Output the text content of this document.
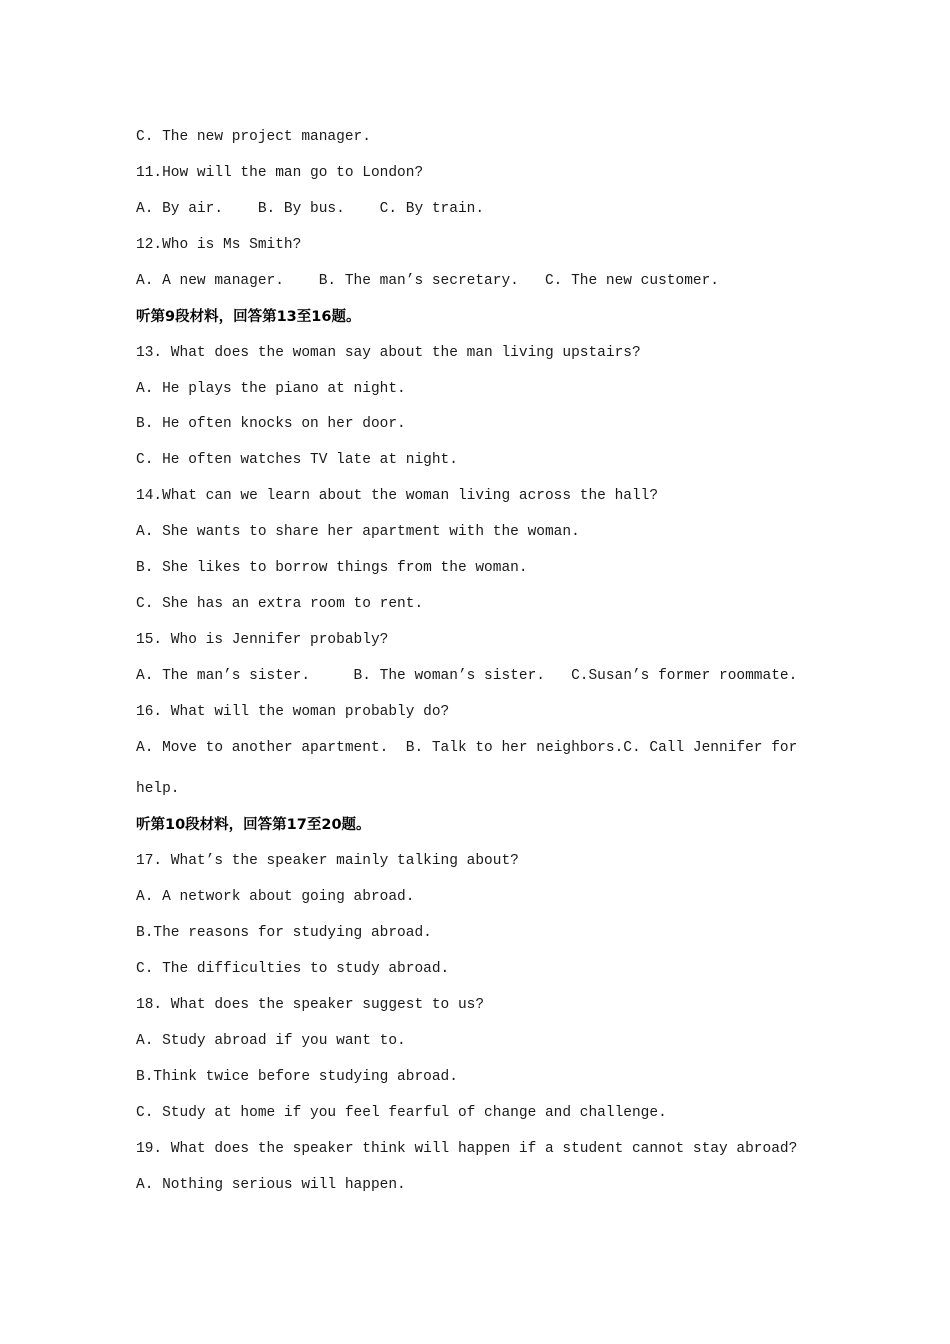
C. The new project manager.
11.How will the man go to London?
A. By air.    B. By bus.    C. By train.
12.Who is Ms Smith?
A. A new manager.    B. The man’s secretary.   C. The new customer.
听第9段材料，回答第13至16题。
13. What does the woman say about the man living upstairs?
A. He plays the piano at night.
B. He often knocks on her door.
C. He often watches TV late at night.
14.What can we learn about the woman living across the hall?
A. She wants to share her apartment with the woman.
B. She likes to borrow things from the woman.
C. She has an extra room to rent.
15. Who is Jennifer probably?
A. The man’s sister.     B. The woman’s sister.   C.Susan’s former roommate.
16. What will the woman probably do?
A. Move to another apartment.  B. Talk to her neighbors.C. Call Jennifer for
help.
听第10段材料，回答第17至20题。
17. What’s the speaker mainly talking about?
A. A network about going abroad.
B.The reasons for studying abroad.
C. The difficulties to study abroad.
18. What does the speaker suggest to us?
A. Study abroad if you want to.
B.Think twice before studying abroad.
C. Study at home if you feel fearful of change and challenge.
19. What does the speaker think will happen if a student cannot stay abroad?
A. Nothing serious will happen.
